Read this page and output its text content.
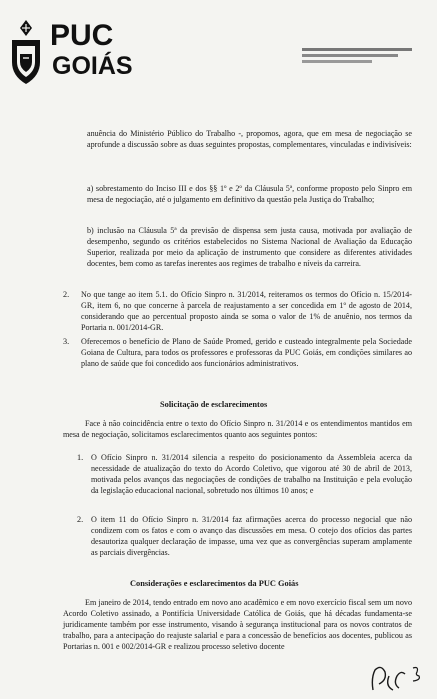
PUC
GOIÁS
anuência do Ministério Público do Trabalho -, propomos, agora, que em mesa de negociação se aprofunde a discussão sobre as duas seguintes propostas, complementares, vinculadas e indivisíveis:
a) sobrestamento do Inciso III e dos §§ 1º e 2º da Cláusula 5ª, conforme proposto pelo Sinpro em mesa de negociação, até o julgamento em definitivo da questão pela Justiça do Trabalho;
b) inclusão na Cláusula 5ª da previsão de dispensa sem justa causa, motivada por avaliação de desempenho, segundo os critérios estabelecidos no Sistema Nacional de Avaliação da Educação Superior, realizada por meio da aplicação de instrumento que considere as diferentes atividades docentes, bem como as tarefas inerentes aos regimes de trabalho e níveis da carreira.
2. No que tange ao item 5.1. do Ofício Sinpro n. 31/2014, reiteramos os termos do Ofício n. 15/2014-GR, item 6, no que concerne à parcela de reajustamento a ser concedida em 1º de agosto de 2014, considerando que ao percentual proposto ainda se soma o valor de 1% de anuênio, nos termos da Portaria n. 001/2014-GR.
3. Oferecemos o benefício de Plano de Saúde Promed, gerido e custeado integralmente pela Sociedade Goiana de Cultura, para todos os professores e professoras da PUC Goiás, em condições similares ao plano de saúde que foi concedido aos funcionários administrativos.
Solicitação de esclarecimentos
Face à não coincidência entre o texto do Ofício Sinpro n. 31/2014 e os entendimentos mantidos em mesa de negociação, solicitamos esclarecimentos quanto aos seguintes pontos:
1. O Ofício Sinpro n. 31/2014 silencia a respeito do posicionamento da Assembleia acerca da necessidade de atualização do texto do Acordo Coletivo, que vigorou até 30 de abril de 2013, motivada pelos avanços das negociações de condições de trabalho na Instituição e pela evolução da legislação educacional nacional, sobretudo nos últimos 10 anos; e
2. O item 11 do Ofício Sinpro n. 31/2014 faz afirmações acerca do processo negocial que não condizem com os fatos e com o avanço das discussões em mesa. O cotejo dos ofícios das partes desautoriza qualquer declaração de impasse, uma vez que as convergências superam amplamente as parciais divergências.
Considerações e esclarecimentos da PUC Goiás
Em janeiro de 2014, tendo entrado em novo ano acadêmico e em novo exercício fiscal sem um novo Acordo Coletivo assinado, a Pontifícia Universidade Católica de Goiás, que há décadas fundamenta-se juridicamente também por esse instrumento, visando à segurança institucional para os novos contratos de trabalho, para a antecipação do reajuste salarial e para a concessão de benefícios aos docentes, publicou as Portarias n. 001 e 002/2014-GR e realizou processo seletivo docente
